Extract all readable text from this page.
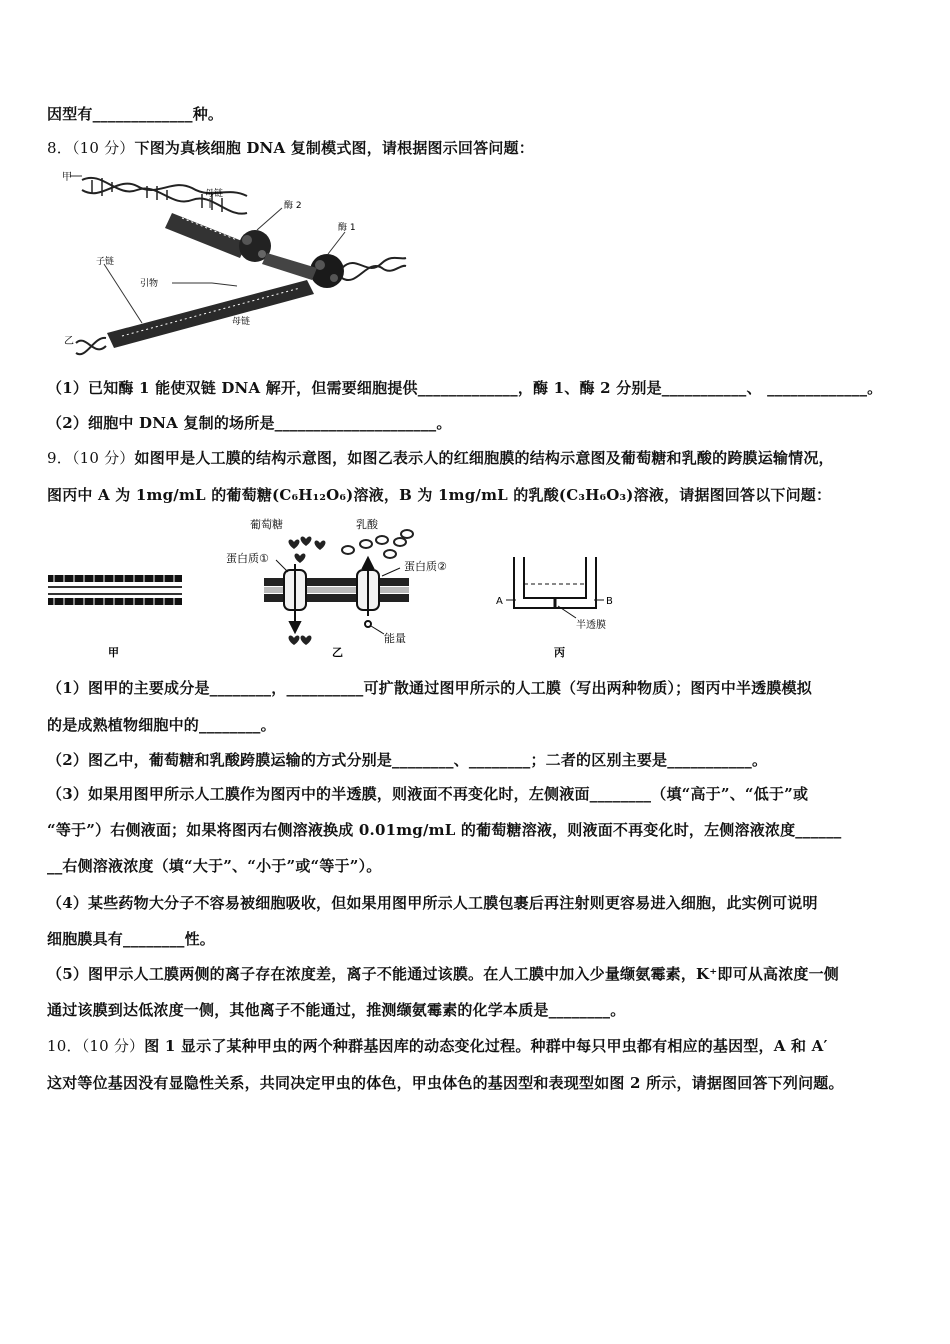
因型有_____________种。
8．（10 分）下图为真核细胞 DNA 复制模式图，请根据图示回答问题：
甲
母链
酶 2
酶 1
子链
引物
母链
乙
（1）已知酶 1 能使双链 DNA 解开，但需要细胞提供_____________，酶 1、酶 2 分别是___________、 _____________。
（2）细胞中 DNA 复制的场所是_____________________。
9．（10 分）如图甲是人工膜的结构示意图，如图乙表示人的红细胞膜的结构示意图及葡萄糖和乳酸的跨膜运输情况，
图丙中 A 为 1mg/mL 的葡萄糖(C₆H₁₂O₆)溶液，B 为 1mg/mL 的乳酸(C₃H₆O₃)溶液，请据图回答以下问题：
甲
葡萄糖	乳酸
蛋白质①
蛋白质②
能量
乙
A	B
半透膜
丙
（1）图甲的主要成分是________，__________可扩散通过图甲所示的人工膜（写出两种物质）；图丙中半透膜模拟
的是成熟植物细胞中的________。
（2）图乙中，葡萄糖和乳酸跨膜运输的方式分别是________、________；二者的区别主要是___________。
（3）如果用图甲所示人工膜作为图丙中的半透膜，则液面不再变化时，左侧液面________（填“高于”、“低于”或
“等于”）右侧液面；如果将图丙右侧溶液换成 0.01mg/mL 的葡萄糖溶液，则液面不再变化时，左侧溶液浓度______
__右侧溶液浓度（填“大于”、“小于”或“等于”）。
（4）某些药物大分子不容易被细胞吸收，但如果用图甲所示人工膜包裹后再注射则更容易进入细胞，此实例可说明
细胞膜具有________性。
（5）图甲示人工膜两侧的离子存在浓度差，离子不能通过该膜。在人工膜中加入少量缬氨霉素，K⁺即可从高浓度一侧
通过该膜到达低浓度一侧，其他离子不能通过，推测缬氨霉素的化学本质是________。
10．（10 分）图 1 显示了某种甲虫的两个种群基因库的动态变化过程。种群中每只甲虫都有相应的基因型，A 和 A′
这对等位基因没有显隐性关系，共同决定甲虫的体色，甲虫体色的基因型和表现型如图 2 所示，请据图回答下列问题。
